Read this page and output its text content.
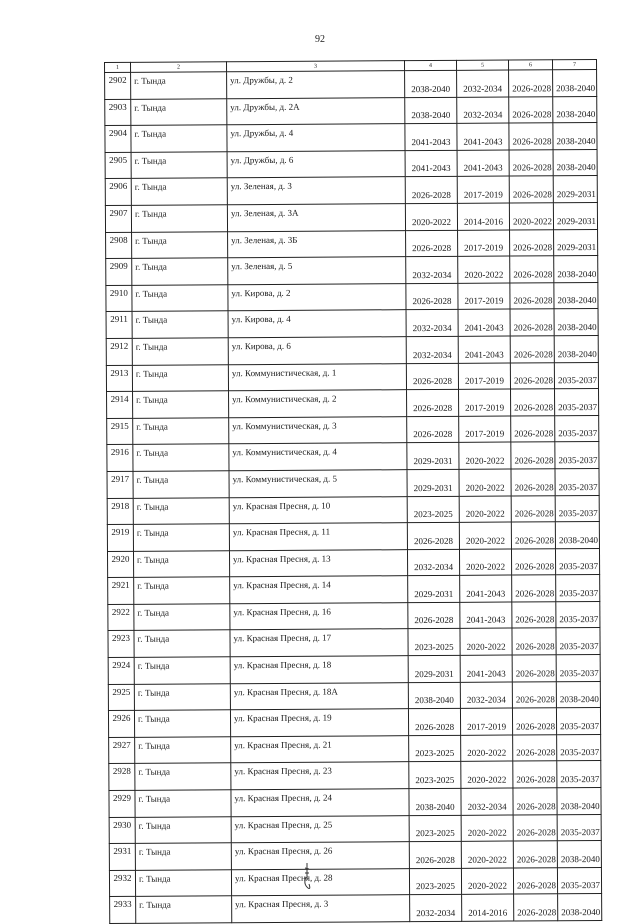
92
1	2	3	4	5	6	7
2902	г. Тында	ул. Дружбы, д. 2	2038-2040	2032-2034	2026-2028	2038-2040
2903	г. Тында	ул. Дружбы, д. 2А	2038-2040	2032-2034	2026-2028	2038-2040
2904	г. Тында	ул. Дружбы, д. 4	2041-2043	2041-2043	2026-2028	2038-2040
2905	г. Тында	ул. Дружбы, д. 6	2041-2043	2041-2043	2026-2028	2038-2040
2906	г. Тында	ул. Зеленая, д. 3	2026-2028	2017-2019	2026-2028	2029-2031
2907	г. Тында	ул. Зеленая, д. 3А	2020-2022	2014-2016	2020-2022	2029-2031
2908	г. Тында	ул. Зеленая, д. 3Б	2026-2028	2017-2019	2026-2028	2029-2031
2909	г. Тында	ул. Зеленая, д. 5	2032-2034	2020-2022	2026-2028	2038-2040
2910	г. Тында	ул. Кирова, д. 2	2026-2028	2017-2019	2026-2028	2038-2040
2911	г. Тында	ул. Кирова, д. 4	2032-2034	2041-2043	2026-2028	2038-2040
2912	г. Тында	ул. Кирова, д. 6	2032-2034	2041-2043	2026-2028	2038-2040
2913	г. Тында	ул. Коммунистическая, д. 1	2026-2028	2017-2019	2026-2028	2035-2037
2914	г. Тында	ул. Коммунистическая, д. 2	2026-2028	2017-2019	2026-2028	2035-2037
2915	г. Тында	ул. Коммунистическая, д. 3	2026-2028	2017-2019	2026-2028	2035-2037
2916	г. Тында	ул. Коммунистическая, д. 4	2029-2031	2020-2022	2026-2028	2035-2037
2917	г. Тында	ул. Коммунистическая, д. 5	2029-2031	2020-2022	2026-2028	2035-2037
2918	г. Тында	ул. Красная Пресня, д. 10	2023-2025	2020-2022	2026-2028	2035-2037
2919	г. Тында	ул. Красная Пресня, д. 11	2026-2028	2020-2022	2026-2028	2038-2040
2920	г. Тында	ул. Красная Пресня, д. 13	2032-2034	2020-2022	2026-2028	2035-2037
2921	г. Тында	ул. Красная Пресня, д. 14	2029-2031	2041-2043	2026-2028	2035-2037
2922	г. Тында	ул. Красная Пресня, д. 16	2026-2028	2041-2043	2026-2028	2035-2037
2923	г. Тында	ул. Красная Пресня, д. 17	2023-2025	2020-2022	2026-2028	2035-2037
2924	г. Тында	ул. Красная Пресня, д. 18	2029-2031	2041-2043	2026-2028	2035-2037
2925	г. Тында	ул. Красная Пресня, д. 18А	2038-2040	2032-2034	2026-2028	2038-2040
2926	г. Тында	ул. Красная Пресня, д. 19	2026-2028	2017-2019	2026-2028	2035-2037
2927	г. Тында	ул. Красная Пресня, д. 21	2023-2025	2020-2022	2026-2028	2035-2037
2928	г. Тында	ул. Красная Пресня, д. 23	2023-2025	2020-2022	2026-2028	2035-2037
2929	г. Тында	ул. Красная Пресня, д. 24	2038-2040	2032-2034	2026-2028	2038-2040
2930	г. Тында	ул. Красная Пресня, д. 25	2023-2025	2020-2022	2026-2028	2035-2037
2931	г. Тында	ул. Красная Пресня, д. 26	2026-2028	2020-2022	2026-2028	2038-2040
2932	г. Тында	ул. Красная Пресня, д. 28	2023-2025	2020-2022	2026-2028	2035-2037
2933	г. Тында	ул. Красная Пресня, д. 3	2032-2034	2014-2016	2026-2028	2038-2040
